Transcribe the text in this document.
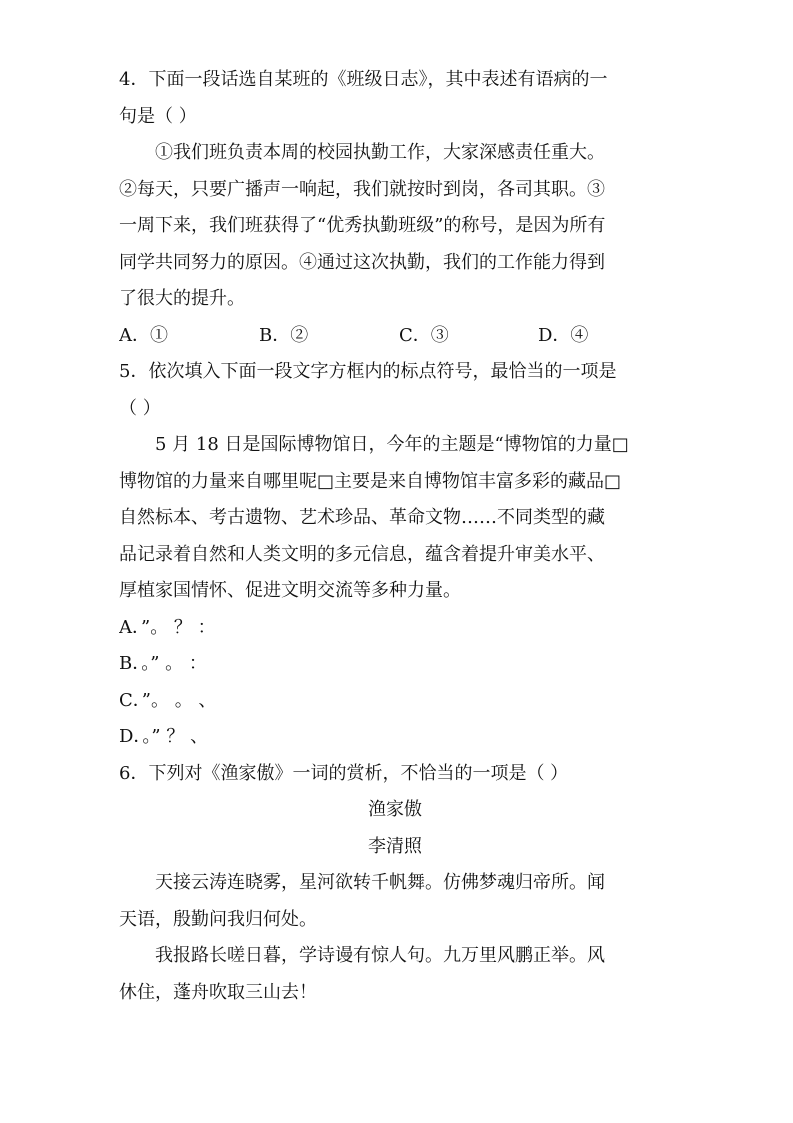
4．下面一段话选自某班的《班级日志》，其中表述有语病的一
句是（ ）
①我们班负责本周的校园执勤工作，大家深感责任重大。
②每天，只要广播声一响起，我们就按时到岗，各司其职。③
一周下来，我们班获得了“优秀执勤班级”的称号，是因为所有
同学共同努力的原因。④通过这次执勤，我们的工作能力得到
了很大的提升。
A．①	B．②	C．③	D．④
5．依次填入下面一段文字方框内的标点符号，最恰当的一项是
（ ）
5 月 18 日是国际博物馆日，今年的主题是“博物馆的力量□
博物馆的力量来自哪里呢□主要是来自博物馆丰富多彩的藏品□
自然标本、考古遗物、艺术珍品、革命文物……不同类型的藏
品记录着自然和人类文明的多元信息，蕴含着提升审美水平、
厚植家国情怀、促进文明交流等多种力量。
A．”。 ？ ：
B．。” 。 ：
C．”。 。 、
D．。” ？ 、
6．下列对《渔家傲》一词的赏析，不恰当的一项是（ ）
渔家傲
李清照
天接云涛连晓雾，星河欲转千帆舞。仿佛梦魂归帝所。闻
天语，殷勤问我归何处。
我报路长嗟日暮，学诗谩有惊人句。九万里风鹏正举。风
休住，蓬舟吹取三山去！
